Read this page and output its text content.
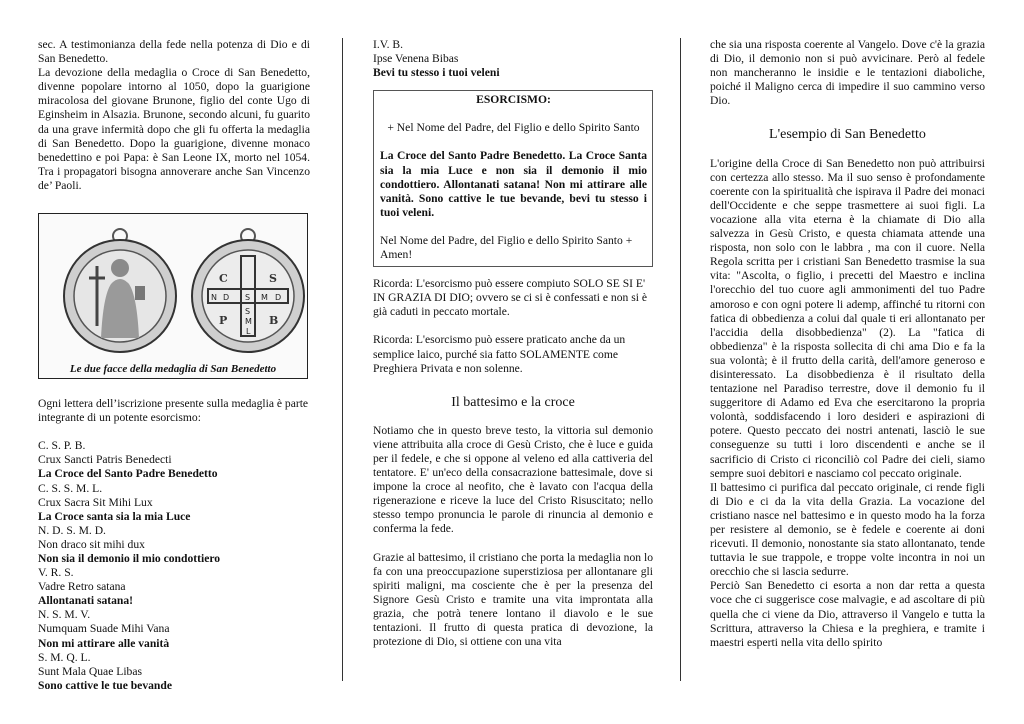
sec. A testimonianza della fede nella potenza di Dio e di San Benedetto.

La devozione della medaglia o Croce di San Benedetto, divenne popolare intorno al 1050, dopo la guarigione miracolosa del giovane Brunone, figlio del conte Ugo di Eginsheim in Alsazia. Brunone, secondo alcuni, fu guarito da una grave infermità dopo che gli fu offerta la medaglia di San Benedetto. Dopo la guarigione, divenne monaco benedettino e poi Papa: è San Leone IX, morto nel 1054. Tra i propagatori bisogna annoverare anche San Vincenzo de’ Paoli.

C	S
P	B
N D S M D
S
M
L
Le due facce della medaglia di San Benedetto

Ogni lettera dell’iscrizione presente sulla medaglia è parte integrante di un potente esorcismo:

C. S. P. B.

Crux Sancti Patris Benedecti

La Croce del Santo Padre Benedetto

C. S. S. M. L.

Crux Sacra Sit Mihi Lux

La Croce santa sia la mia Luce

N. D. S. M. D.

Non draco sit mihi dux

Non sia il demonio il mio condottiero

V. R. S.

Vadre Retro satana

Allontanati satana!

N. S. M. V.

Numquam Suade Mihi Vana

Non mi attirare alle vanità

S. M. Q. L.

Sunt Mala Quae Libas

Sono cattive le tue bevande

I.V. B.

Ipse Venena Bibas

Bevi tu stesso i tuoi veleni

ESORCISMO:

+ Nel Nome del Padre, del Figlio e dello Spirito Santo

La Croce del Santo Padre Benedetto. La Croce Santa sia la mia Luce e non sia il demonio il mio condottiero. Allontanati satana! Non mi attirare alle vanità. Sono cattive le tue bevande, bevi tu stesso i tuoi veleni.

Nel Nome del Padre, del Figlio e dello Spirito Santo + Amen!

Ricorda: L'esorcismo può essere compiuto SOLO SE SI E' IN GRAZIA DI DIO; ovvero se ci si è confessati e non si è già caduti in peccato mortale.

Ricorda: L'esorcismo può essere praticato anche da un semplice laico, purché sia fatto SOLAMENTE come Preghiera Privata e non solenne.

Il battesimo e la croce

Notiamo che in questo breve testo, la vittoria sul demonio viene attribuita alla croce di Gesù Cristo, che è luce e guida per il fedele, e che si oppone al veleno ed alla cattiveria del tentatore. E' un'eco della consacrazione battesimale, dove si impone la croce al neofito, che è lavato con l'acqua della rigenerazione e riceve la luce del Cristo Risuscitato; nello stesso tempo pronuncia le parole di rinuncia al demonio e conferma la fede.

Grazie al battesimo, il cristiano che porta la medaglia non lo fa con una preoccupazione superstiziosa per allontanare gli spiriti maligni, ma cosciente che è per la presenza del Signore Gesù Cristo e tramite una vita improntata alla grazia, che potrà tenere lontano il diavolo e le sue tentazioni. Il frutto di questa pratica di devozione, la protezione di Dio, si ottiene con una vita

che sia una risposta coerente al Vangelo. Dove c'è la grazia di Dio, il demonio non si può avvicinare. Però al fedele non mancheranno le insidie e le tentazioni diaboliche, poiché il Maligno cerca di impedire il suo cammino verso Dio.

L'esempio di San Benedetto

L'origine della Croce di San Benedetto non può attribuirsi con certezza allo stesso. Ma il suo senso è profondamente coerente con la spiritualità che ispirava il Padre dei monaci dell'Occidente e che seppe trasmettere ai suoi figli. La vocazione alla vita eterna è la chiamate di Dio alla salvezza in Gesù Cristo, e questa chiamata attende una risposta, non solo con le labbra , ma con il cuore. Nella Regola scritta per i cristiani San Benedetto trasmise la sua vita: "Ascolta, o figlio, i precetti del Maestro e inclina l'orecchio del tuo cuore agli ammonimenti del tuo Padre amoroso e con ogni potere li ademp, affinché tu ritorni con fatica di obbedienza a colui dal quale ti eri allontanato per l'accidia della disobbedienza" (2). La "fatica di obbedienza" è la risposta sollecita di chi ama Dio e fa la sua volontà; è il frutto della carità, dell'amore generoso e disinteressato. La disobbedienza è il risultato della tentazione nel Paradiso terrestre, dove il demonio fu il suggeritore di Adamo ed Eva che esercitarono la propria volontà, soddisfacendo i loro desideri e aspirazioni di potere. Questo peccato dei nostri antenati, lasciò le sue conseguenze su tutti i loro discendenti e anche se il sacrificio di Cristo ci riconciliò col Padre dei cieli, siamo sempre suoi debitori e nasciamo col peccato originale.

Il battesimo ci purifica dal peccato originale, ci rende figli di Dio e ci da la vita della Grazia. La vocazione del cristiano nasce nel battesimo e in questo modo ha la forza per resistere al demonio, se è fedele e coerente ai doni ricevuti. Il demonio, nonostante sia stato allontanato, tende tuttavia le sue trappole, e troppe volte incontra in noi un orecchio che si lascia sedurre.

Perciò San Benedetto ci esorta a non dar retta a questa voce che ci suggerisce cose malvagie, e ad ascoltare di più quella che ci viene da Dio, attraverso il Vangelo e tutta la Scrittura, attraverso la Chiesa e la preghiera, e tramite i maestri esperti nella vita dello spirito
